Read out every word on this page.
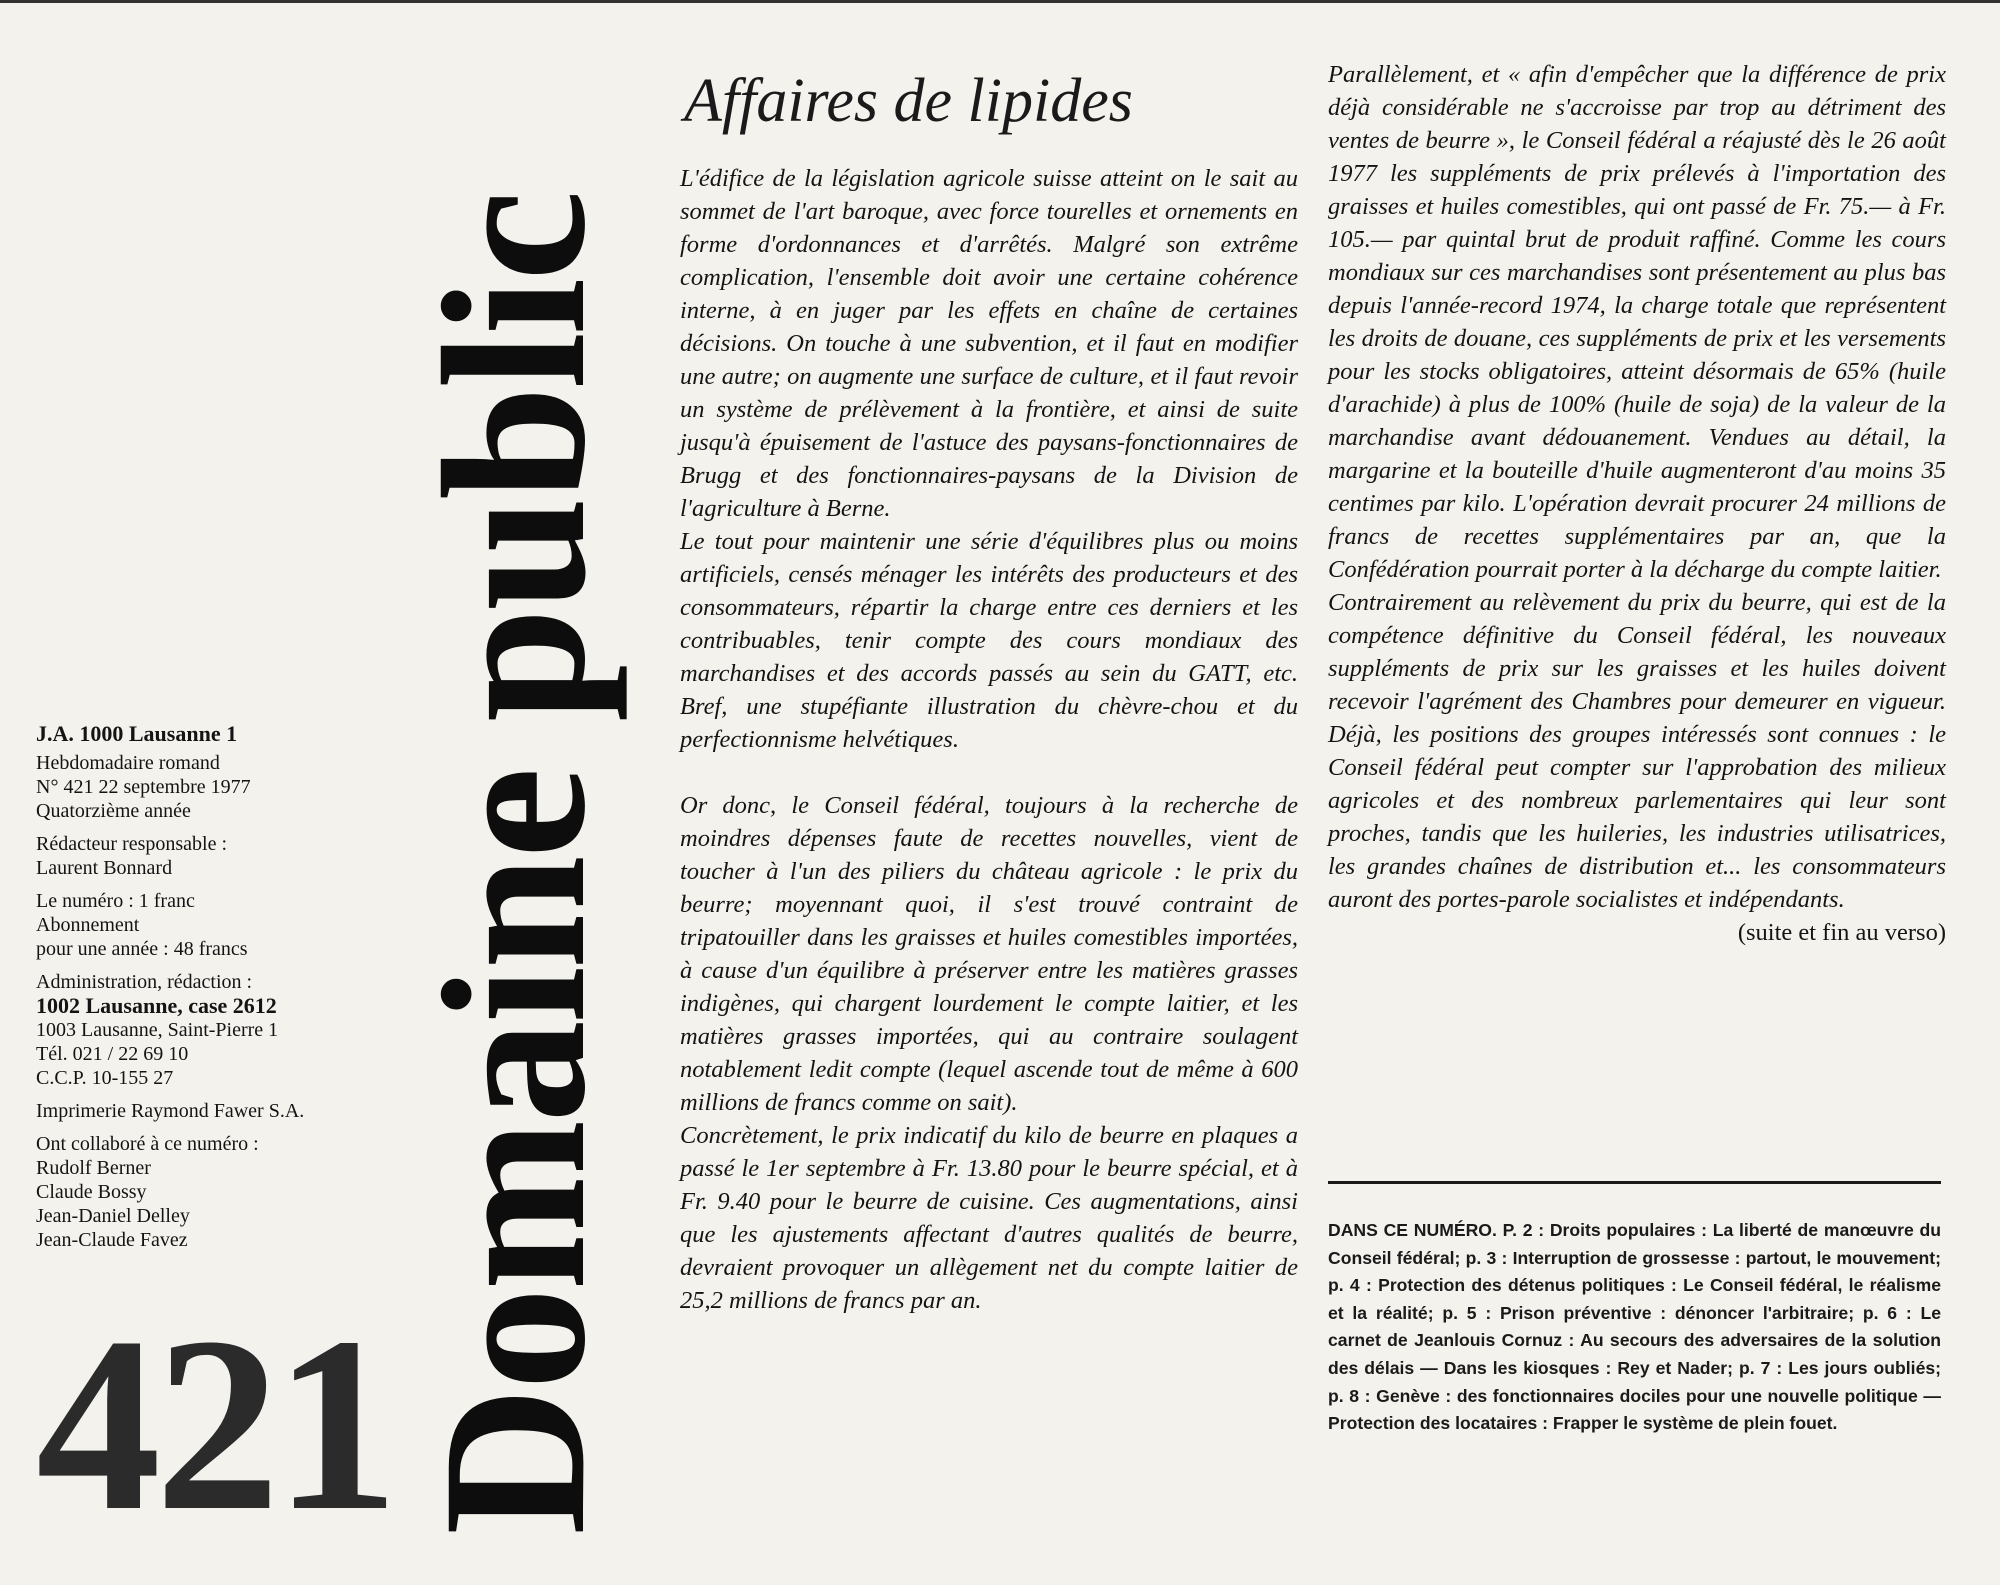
J.A. 1000 Lausanne 1
Hebdomadaire romand
N° 421 22 septembre 1977
Quatorzième année
Rédacteur responsable :
Laurent Bonnard
Le numéro : 1 franc
Abonnement
pour une année : 48 francs
Administration, rédaction :
1002 Lausanne, case 2612
1003 Lausanne, Saint-Pierre 1
Tél. 021 / 22 69 10
C.C.P. 10-155 27
Imprimerie Raymond Fawer S.A.
Ont collaboré à ce numéro :
Rudolf Berner
Claude Bossy
Jean-Daniel Delley
Jean-Claude Favez
421 Domaine public
Affaires de lipides

L'édifice de la législation agricole suisse atteint on le sait au sommet de l'art baroque, avec force tourelles et ornements en forme d'ordonnances et d'arrêtés. Malgré son extrême complication, l'ensemble doit avoir une certaine cohérence interne, à en juger par les effets en chaîne de certaines décisions. On touche à une subvention, et il faut en modifier une autre; on augmente une surface de culture, et il faut revoir un système de prélèvement à la frontière, et ainsi de suite jusqu'à épuisement de l'astuce des paysans-fonctionnaires de Brugg et des fonctionnaires-paysans de la Division de l'agriculture à Berne.

Le tout pour maintenir une série d'équilibres plus ou moins artificiels, censés ménager les intérêts des producteurs et des consommateurs, répartir la charge entre ces derniers et les contribuables, tenir compte des cours mondiaux des marchandises et des accords passés au sein du GATT, etc. Bref, une stupéfiante illustration du chèvre-chou et du perfectionnisme helvétiques.

Or donc, le Conseil fédéral, toujours à la recherche de moindres dépenses faute de recettes nouvelles, vient de toucher à l'un des piliers du château agricole : le prix du beurre; moyennant quoi, il s'est trouvé contraint de tripatouiller dans les graisses et huiles comestibles importées, à cause d'un équilibre à préserver entre les matières grasses indigènes, qui chargent lourdement le compte laitier, et les matières grasses importées, qui au contraire soulagent notablement ledit compte (lequel ascende tout de même à 600 millions de francs comme on sait).

Concrètement, le prix indicatif du kilo de beurre en plaques a passé le 1er septembre à Fr. 13.80 pour le beurre spécial, et à Fr. 9.40 pour le beurre de cuisine. Ces augmentations, ainsi que les ajustements affectant d'autres qualités de beurre, devraient provoquer un allègement net du compte laitier de 25,2 millions de francs par an.

Parallèlement, et « afin d'empêcher que la différence de prix déjà considérable ne s'accroisse par trop au détriment des ventes de beurre », le Conseil fédéral a réajusté dès le 26 août 1977 les suppléments de prix prélevés à l'importation des graisses et huiles comestibles, qui ont passé de Fr. 75.— à Fr. 105.— par quintal brut de produit raffiné. Comme les cours mondiaux sur ces marchandises sont présentement au plus bas depuis l'année-record 1974, la charge totale que représentent les droits de douane, ces suppléments de prix et les versements pour les stocks obligatoires, atteint désormais de 65% (huile d'arachide) à plus de 100% (huile de soja) de la valeur de la marchandise avant dédouanement. Vendues au détail, la margarine et la bouteille d'huile augmenteront d'au moins 35 centimes par kilo. L'opération devrait procurer 24 millions de francs de recettes supplémentaires par an, que la Confédération pourrait porter à la décharge du compte laitier.

Contrairement au relèvement du prix du beurre, qui est de la compétence définitive du Conseil fédéral, les nouveaux suppléments de prix sur les graisses et les huiles doivent recevoir l'agrément des Chambres pour demeurer en vigueur. Déjà, les positions des groupes intéressés sont connues : le Conseil fédéral peut compter sur l'approbation des milieux agricoles et des nombreux parlementaires qui leur sont proches, tandis que les huileries, les industries utilisatrices, les grandes chaînes de distribution et... les consommateurs auront des portes-parole socialistes et indépendants.

(suite et fin au verso)

DANS CE NUMÉRO. P. 2 : Droits populaires : La liberté de manœuvre du Conseil fédéral; p. 3 : Interruption de grossesse : partout, le mouvement; p. 4 : Protection des détenus politiques : Le Conseil fédéral, le réalisme et la réalité; p. 5 : Prison préventive : dénoncer l'arbitraire; p. 6 : Le carnet de Jeanlouis Cornuz : Au secours des adversaires de la solution des délais — Dans les kiosques : Rey et Nader; p. 7 : Les jours oubliés; p. 8 : Genève : des fonctionnaires dociles pour une nouvelle politique — Protection des locataires : Frapper le système de plein fouet.
